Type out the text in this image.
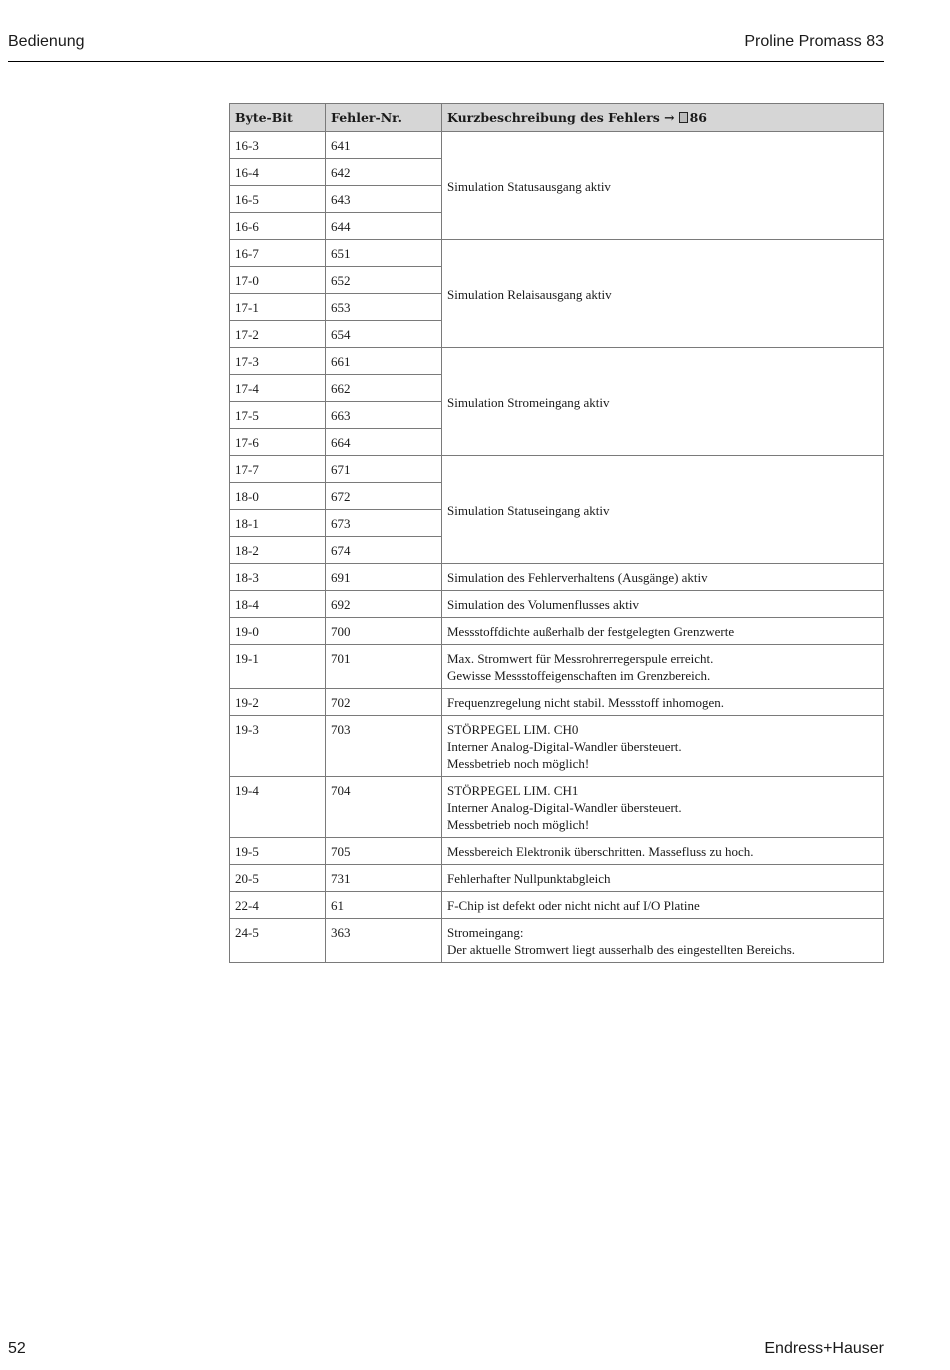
Bedienung	Proline Promass 83
Byte-Bit	Fehler-Nr.	Kurzbeschreibung des Fehlers → 86
16-3	641	Simulation Statusausgang aktiv
16-4	642	
16-5	643	
16-6	644	
16-7	651	Simulation Relaisausgang aktiv
17-0	652	
17-1	653	
17-2	654	
17-3	661	Simulation Stromeingang aktiv
17-4	662	
17-5	663	
17-6	664	
17-7	671	Simulation Statuseingang aktiv
18-0	672	
18-1	673	
18-2	674	
18-3	691	Simulation des Fehlerverhaltens (Ausgänge) aktiv

18-4	692	Simulation des Volumenflusses aktiv

19-0	700	Messstoffdichte außerhalb der festgelegten Grenzwerte

19-1	701	Max. Stromwert für Messrohrerregerspule erreicht.
Gewisse Messstoffeigenschaften im Grenzbereich.

19-2	702	Frequenzregelung nicht stabil. Messstoff inhomogen.

19-3	703	STÖRPEGEL LIM. CH0
Interner Analog-Digital-Wandler übersteuert.
Messbetrieb noch möglich!

19-4	704	STÖRPEGEL LIM. CH1
Interner Analog-Digital-Wandler übersteuert.
Messbetrieb noch möglich!

19-5	705	Messbereich Elektronik überschritten. Massefluss zu hoch.

20-5	731	Fehlerhafter Nullpunktabgleich

22-4	61	F-Chip ist defekt oder nicht nicht auf I/O Platine

24-5	363	Stromeingang:
Der aktuelle Stromwert liegt ausserhalb des eingestellten Bereichs.
52	Endress+Hauser
